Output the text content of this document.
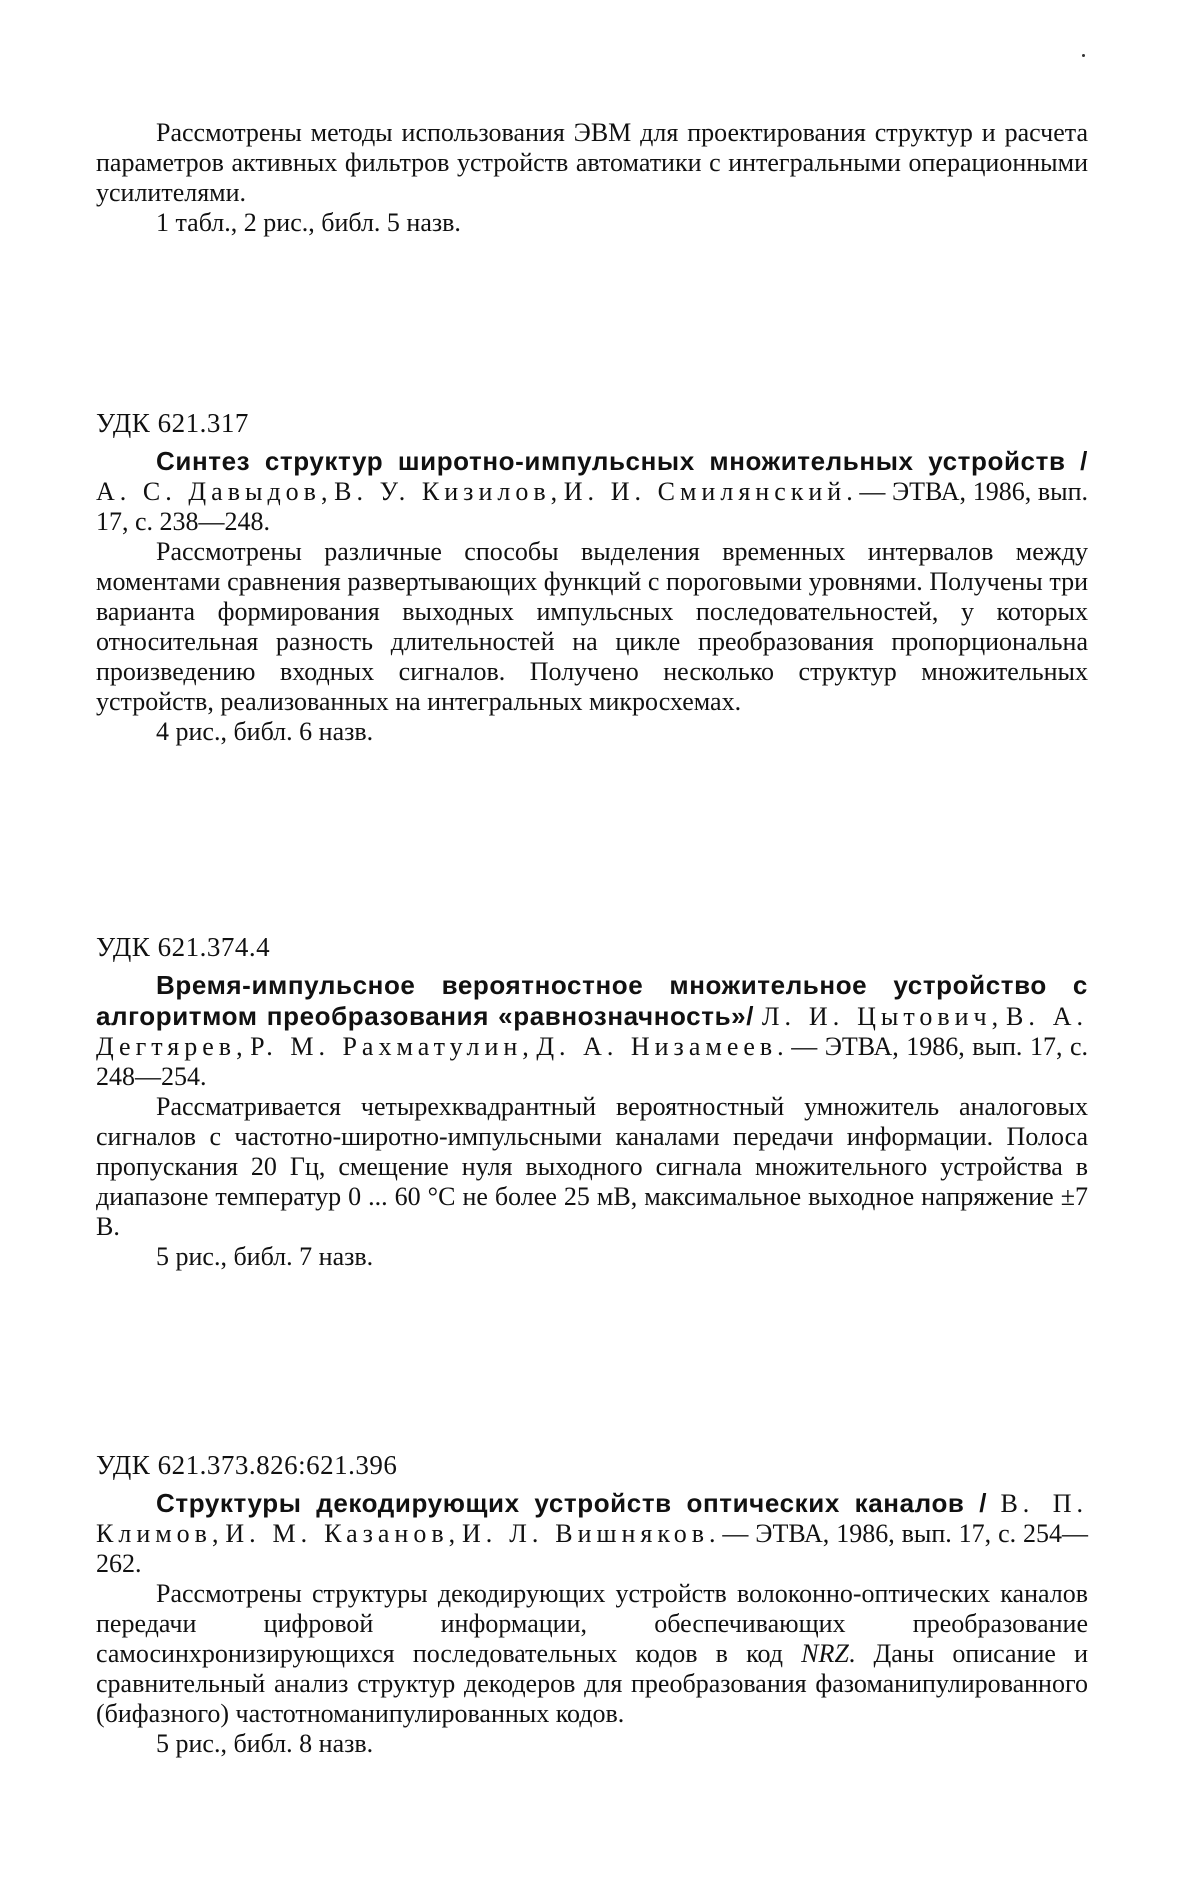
Рассмотрены методы использования ЭВМ для проектирования структур и расчета параметров активных фильтров устройств автоматики с интегральными операционными усилителями.

1 табл., 2 рис., библ. 5 назв.

УДК 621.317

Синтез структур широтно-импульсных множительных устройств / А. С. Давыдов, В. У. Кизилов, И. И. Смилянский. — ЭТВА, 1986, вып. 17, с. 238—248.

Рассмотрены различные способы выделения временных интервалов между моментами сравнения развертывающих функций с пороговыми уровнями. Получены три варианта формирования выходных импульсных последовательностей, у которых относительная разность длительностей на цикле преобразования пропорциональна произведению входных сигналов. Получено несколько структур множительных устройств, реализованных на интегральных микросхемах.

4 рис., библ. 6 назв.

УДК 621.374.4

Время-импульсное вероятностное множительное устройство с алгоритмом преобразования «равнозначность»/ Л. И. Цытович, В. А. Дегтярев, Р. М. Рахматулин, Д. А. Низамеев. — ЭТВА, 1986, вып. 17, с. 248—254.

Рассматривается четырехквадрантный вероятностный умножитель аналоговых сигналов с частотно-широтно-импульсными каналами передачи информации. Полоса пропускания 20 Гц, смещение нуля выходного сигнала множительного устройства в диапазоне температур 0 ... 60 °С не более 25 мВ, максимальное выходное напряжение ±7 В.

5 рис., библ. 7 назв.

УДК 621.373.826:621.396

Структуры декодирующих устройств оптических каналов / В. П. Климов, И. М. Казанов, И. Л. Вишняков. — ЭТВА, 1986, вып. 17, с. 254—262.

Рассмотрены структуры декодирующих устройств волоконно-оптических каналов передачи цифровой информации, обеспечивающих преобразование самосинхронизирующихся последовательных кодов в код NRZ. Даны описание и сравнительный анализ структур декодеров для преобразования фазоманипулированного (бифазного) частотноманипулированных кодов.

5 рис., библ. 8 назв.
